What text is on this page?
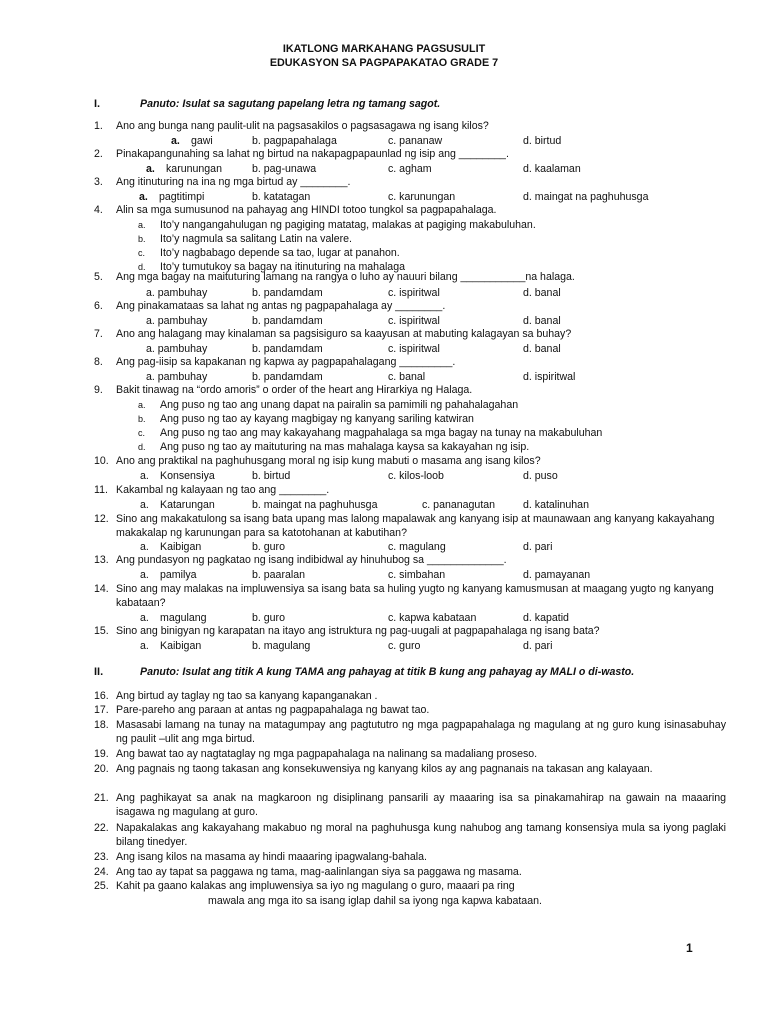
IKATLONG MARKAHANG PAGSUSULIT
EDUKASYON SA PAGPAPAKATAO GRADE 7
I.	Panuto: Isulat sa sagutang papelang letra ng tamang sagot.
1.	Ano ang bunga nang paulit-ulit na pagsasakilos o pagsasagawa ng isang kilos?
a. gawi	b. pagpapahalaga	c. pananaw	d. birtud
2.	Pinakapangunahing sa lahat ng birtud na nakapagpapaunlad ng isip ang ________.
a. karunungan	b. pag-unawa	c. agham	d. kaalaman
3.	Ang itinuturing na ina ng mga birtud ay ________.
a. pagtitimpi	b. katatagan	c. karunungan	d. maingat na paghuhusga
4.	Alin sa mga sumusunod na pahayag ang HINDI totoo tungkol sa pagpapahalaga.
a. Ito’y nangangahulugan ng pagiging matatag, malakas at pagiging makabuluhan.
b. Ito’y nagmula sa salitang Latin na valere.
c. Ito’y nagbabago depende sa tao, lugar at panahon.
d. Ito’y tumutukoy sa bagay na itinuturing na mahalaga
5.	Ang mga bagay na maituturing lamang na rangya o luho ay nauuri bilang ___________na halaga.
a. pambuhay	b. pandamdam	c. ispiritwal	d. banal
6.	Ang pinakamataas sa lahat ng antas ng pagpapahalaga ay ________.
a. pambuhay	b. pandamdam	c. ispiritwal	d. banal
7.	Ano ang halagang may kinalaman sa pagsisiguro sa kaayusan at mabuting kalagayan sa buhay?
a. pambuhay	b. pandamdam	c. ispiritwal	d. banal
8.	Ang pag-iisip sa kapakanan ng kapwa ay pagpapahalagang _________.
a. pambuhay	b. pandamdam	c. banal	d. ispiritwal
9.	Bakit tinawag na “ordo amoris” o order of the heart ang Hirarkiya ng Halaga.
a. Ang puso ng tao ang unang dapat na pairalin sa pamimili ng pahahalagahan
b. Ang puso ng tao ay kayang magbigay ng kanyang sariling katwiran
c. Ang puso ng tao ang may kakayahang magpahalaga sa mga bagay na tunay na makabuluhan
d. Ang puso ng tao ay maituturing na mas mahalaga kaysa sa kakayahan ng isip.
10. Ano ang praktikal na paghuhusgang moral ng isip kung mabuti o masama ang isang kilos?
a. Konsensiya	b. birtud	c. kilos-loob	d. puso
11. Kakambal ng kalayaan ng tao ang ________.
a. Katarungan	b. maingat na paghuhusga	c. pananagutan	d. katalinuhan
12. Sino ang makakatulong sa isang bata upang mas lalong mapalawak ang kanyang isip at maunawaan ang kanyang kakayahang makakalap ng karunungan para sa katotohanan at kabutihan?
a. Kaibigan	b. guro	c. magulang	d. pari
13. Ang pundasyon ng pagkatao ng isang indibidwal ay hinuhubog sa _____________.
a. pamilya	b. paaralan	c. simbahan	d. pamayanan
14. Sino ang may malakas na impluwensiya sa isang bata sa huling yugto ng kanyang kamusmusan at maagang yugto ng kanyang kabataan?
a. magulang	b. guro	c. kapwa kabataan	d. kapatid
15. Sino ang binigyan ng karapatan na itayo ang istruktura ng pag-uugali at pagpapahalaga ng isang bata?
a. Kaibigan	b. magulang	c. guro	d. pari
II.	Panuto: Isulat ang titik A kung TAMA ang pahayag at titik B kung ang pahayag ay MALI o di-wasto.
16. Ang birtud ay taglay ng tao sa kanyang kapanganakan .
17. Pare-pareho ang paraan at antas ng pagpapahalaga ng bawat tao.
18. Masasabi lamang na tunay na matagumpay ang pagtututro ng mga pagpapahalaga ng magulang at ng guro kung isinasabuhay ng paulit –ulit ang mga birtud.
19. Ang bawat tao ay nagtataglay ng mga pagpapahalaga na nalinang sa madaliang proseso.
20. Ang pagnais ng taong takasan ang konsekuwensiya ng kanyang kilos ay ang pagnanais na takasan ang kalayaan.
21. Ang paghikayat sa anak na magkaroon ng disiplinang pansarili ay maaaring isa sa pinakamahirap na gawain na maaaring isagawa ng magulang at guro.
22. Napakalakas ang kakayahang makabuo ng moral na paghuhusga kung nahubog ang tamang konsensiya mula sa iyong paglaki bilang tinedyer.
23. Ang isang kilos na masama ay hindi maaaring ipagwalang-bahala.
24. Ang tao ay tapat sa paggawa ng tama, mag-aalinlangan siya sa paggawa ng masama.
25. Kahit pa gaano kalakas ang impluwensiya sa iyo ng magulang o guro, maaari pa ring
mawala ang mga ito sa isang iglap dahil sa iyong nga kapwa kabataan.
1
